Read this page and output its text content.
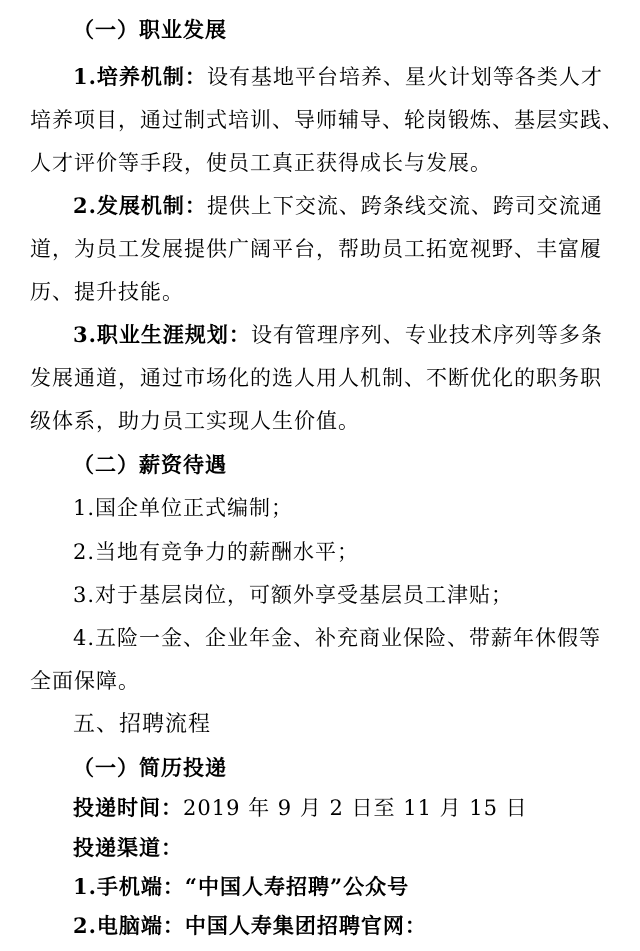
（一）职业发展
1.培养机制：设有基地平台培养、星火计划等各类人才
培养项目，通过制式培训、导师辅导、轮岗锻炼、基层实践、
人才评价等手段，使员工真正获得成长与发展。
2.发展机制：提供上下交流、跨条线交流、跨司交流通
道，为员工发展提供广阔平台，帮助员工拓宽视野、丰富履
历、提升技能。
3.职业生涯规划：设有管理序列、专业技术序列等多条
发展通道，通过市场化的选人用人机制、不断优化的职务职
级体系，助力员工实现人生价值。
（二）薪资待遇
1.国企单位正式编制；
2.当地有竞争力的薪酬水平；
3.对于基层岗位，可额外享受基层员工津贴；
4.五险一金、企业年金、补充商业保险、带薪年休假等
全面保障。
五、招聘流程
（一）简历投递
投递时间：2019 年 9 月 2 日至 11 月 15 日
投递渠道：
1.手机端：“中国人寿招聘”公众号
2.电脑端：中国人寿集团招聘官网：
